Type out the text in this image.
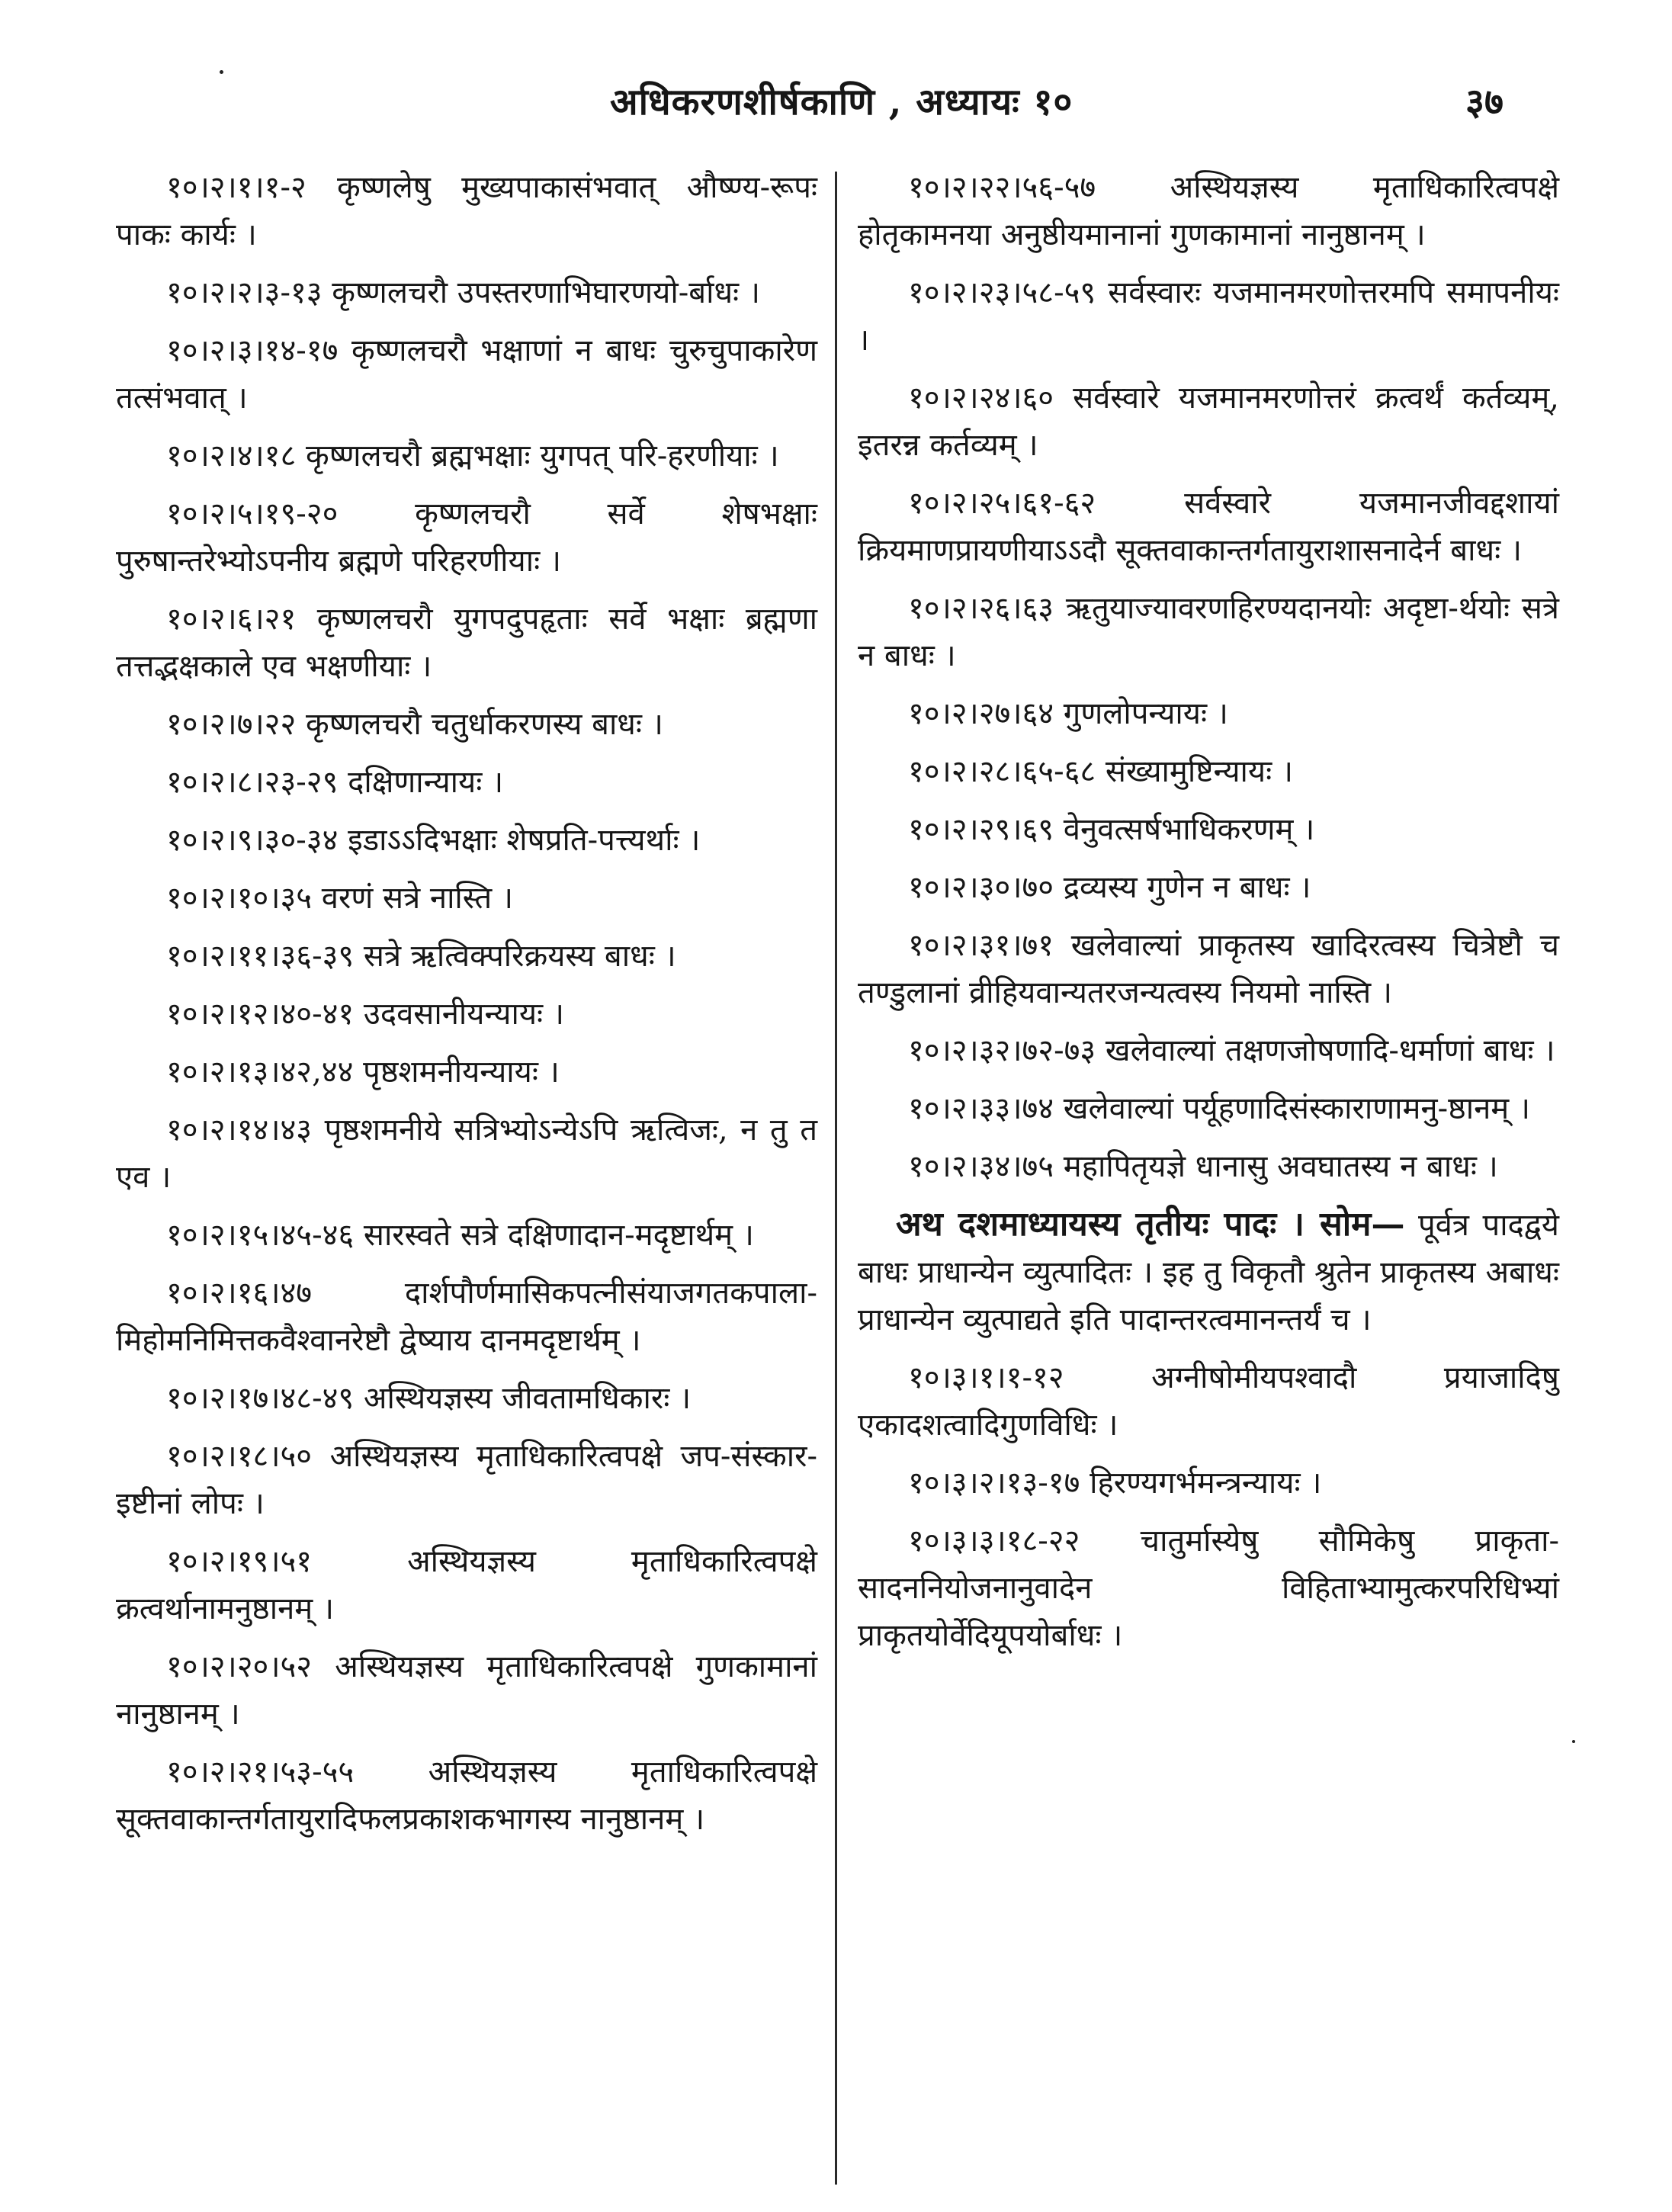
अधिकरणशीर्षकाणि , अध्यायः १०	३७

१०।२।१।१-२ कृष्णलेषु मुख्यपाकासंभवात् औष्ण्य-रूपः पाकः कार्यः ।

१०।२।२।३-१३ कृष्णलचरौ उपस्तरणाभिघारणयो-र्बाधः ।

१०।२।३।१४-१७ कृष्णलचरौ भक्षाणां न बाधः चुरुचुपाकारेण तत्संभवात् ।

१०।२।४।१८ कृष्णलचरौ ब्रह्मभक्षाः युगपत् परि-हरणीयाः ।

१०।२।५।१९-२० कृष्णलचरौ सर्वे शेषभक्षाः पुरुषान्तरेभ्योऽपनीय ब्रह्मणे परिहरणीयाः ।

१०।२।६।२१ कृष्णलचरौ युगपदुपहृताः सर्वे भक्षाः ब्रह्मणा तत्तद्भक्षकाले एव भक्षणीयाः ।

१०।२।७।२२ कृष्णलचरौ चतुर्धाकरणस्य बाधः ।

१०।२।८।२३-२९ दक्षिणान्यायः ।

१०।२।९।३०-३४ इडाऽऽदिभक्षाः शेषप्रति-पत्त्यर्थाः ।

१०।२।१०।३५ वरणं सत्रे नास्ति ।

१०।२।११।३६-३९ सत्रे ऋत्विक्परिक्रयस्य बाधः ।

१०।२।१२।४०-४१ उदवसानीयन्यायः ।

१०।२।१३।४२,४४ पृष्ठशमनीयन्यायः ।

१०।२।१४।४३ पृष्ठशमनीये सत्रिभ्योऽन्येऽपि ऋत्विजः, न तु त एव ।

१०।२।१५।४५-४६ सारस्वते सत्रे दक्षिणादान-मदृष्टार्थम् ।

१०।२।१६।४७ दार्शपौर्णमासिकपत्नीसंयाजगतकपाला-मिहोमनिमित्तकवैश्वानरेष्टौ द्वेष्याय दानमदृष्टार्थम् ।

१०।२।१७।४८-४९ अस्थियज्ञस्य जीवतामधिकारः ।

१०।२।१८।५० अस्थियज्ञस्य मृताधिकारित्वपक्षे जप-संस्कार-इष्टीनां लोपः ।

१०।२।१९।५१ अस्थियज्ञस्य मृताधिकारित्वपक्षे क्रत्वर्थानामनुष्ठानम् ।

१०।२।२०।५२ अस्थियज्ञस्य मृताधिकारित्वपक्षे गुणकामानां नानुष्ठानम् ।

१०।२।२१।५३-५५ अस्थियज्ञस्य मृताधिकारित्वपक्षे सूक्तवाकान्तर्गतायुरादिफलप्रकाशकभागस्य नानुष्ठानम् ।

१०।२।२२।५६-५७ अस्थियज्ञस्य मृताधिकारित्वपक्षे होतृकामनया अनुष्ठीयमानानां गुणकामानां नानुष्ठानम् ।

१०।२।२३।५८-५९ सर्वस्वारः यजमानमरणोत्तरमपि समापनीयः ।

१०।२।२४।६० सर्वस्वारे यजमानमरणोत्तरं क्रत्वर्थं कर्तव्यम्, इतरन्न कर्तव्यम् ।

१०।२।२५।६१-६२ सर्वस्वारे यजमानजीवद्दशायां क्रियमाणप्रायणीयाऽऽदौ सूक्तवाकान्तर्गतायुराशासनादेर्न बाधः ।

१०।२।२६।६३ ऋतुयाज्यावरणहिरण्यदानयोः अदृष्टा-र्थयोः सत्रे न बाधः ।

१०।२।२७।६४ गुणलोपन्यायः ।

१०।२।२८।६५-६८ संख्यामुष्टिन्यायः ।

१०।२।२९।६९ वेनुवत्सर्षभाधिकरणम् ।

१०।२।३०।७० द्रव्यस्य गुणेन न बाधः ।

१०।२।३१।७१ खलेवाल्यां प्राकृतस्य खादिरत्वस्य चित्रेष्टौ च तण्डुलानां व्रीहियवान्यतरजन्यत्वस्य नियमो नास्ति ।

१०।२।३२।७२-७३ खलेवाल्यां तक्षणजोषणादि-धर्माणां बाधः ।

१०।२।३३।७४ खलेवाल्यां पर्यूहणादिसंस्काराणामनु-ष्ठानम् ।

१०।२।३४।७५ महापितृयज्ञे धानासु अवघातस्य न बाधः ।

अथ दशमाध्यायस्य तृतीयः पादः । सोम— पूर्वत्र पादद्वये बाधः प्राधान्येन व्युत्पादितः । इह तु विकृतौ श्रुतेन प्राकृतस्य अबाधः प्राधान्येन व्युत्पाद्यते इति पादान्तरत्वमानन्तर्यं च ।

१०।३।१।१-१२ अग्नीषोमीयपश्वादौ प्रयाजादिषु एकादशत्वादिगुणविधिः ।

१०।३।२।१३-१७ हिरण्यगर्भमन्त्रन्यायः ।

१०।३।३।१८-२२ चातुर्मास्येषु सौमिकेषु प्राकृता-सादननियोजनानुवादेन विहिताभ्यामुत्करपरिधिभ्यां प्राकृतयोर्वेदियूपयोर्बाधः ।
